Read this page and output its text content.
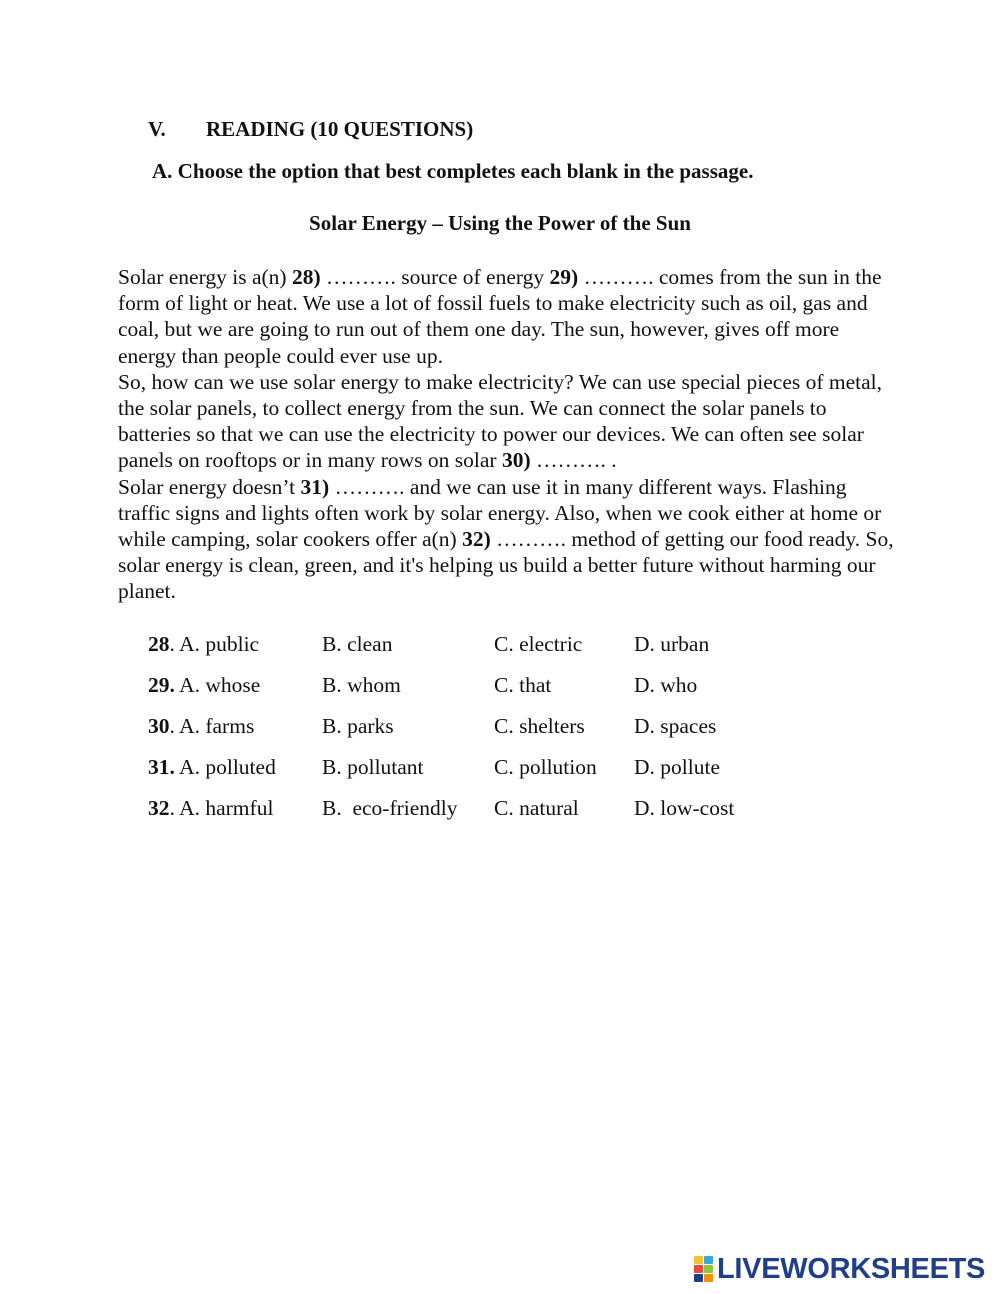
V. READING (10 QUESTIONS)
A. Choose the option that best completes each blank in the passage.
Solar Energy – Using the Power of the Sun

Solar energy is a(n) 28) ………. source of energy 29) ………. comes from the sun in the form of light or heat. We use a lot of fossil fuels to make electricity such as oil, gas and coal, but we are going to run out of them one day. The sun, however, gives off more energy than people could ever use up.

So, how can we use solar energy to make electricity? We can use special pieces of metal, the solar panels, to collect energy from the sun. We can connect the solar panels to batteries so that we can use the electricity to power our devices. We can often see solar panels on rooftops or in many rows on solar 30) ………. .

Solar energy doesn’t 31) ………. and we can use it in many different ways. Flashing traffic signs and lights often work by solar energy. Also, when we cook either at home or while camping, solar cookers offer a(n) 32) ………. method of getting our food ready. So, solar energy is clean, green, and it's helping us build a better future without harming our planet.

28. A. public	B. clean	C. electric D. urban
29. A. whose	B. whom	C. that	D. who
30. A. farms	B. parks	C. shelters D. spaces
31. A. polluted B. pollutant	C. pollution D. pollute
32. A. harmful B.  eco-friendly C. natural	D. low-cost
LIVEWORKSHEETS
